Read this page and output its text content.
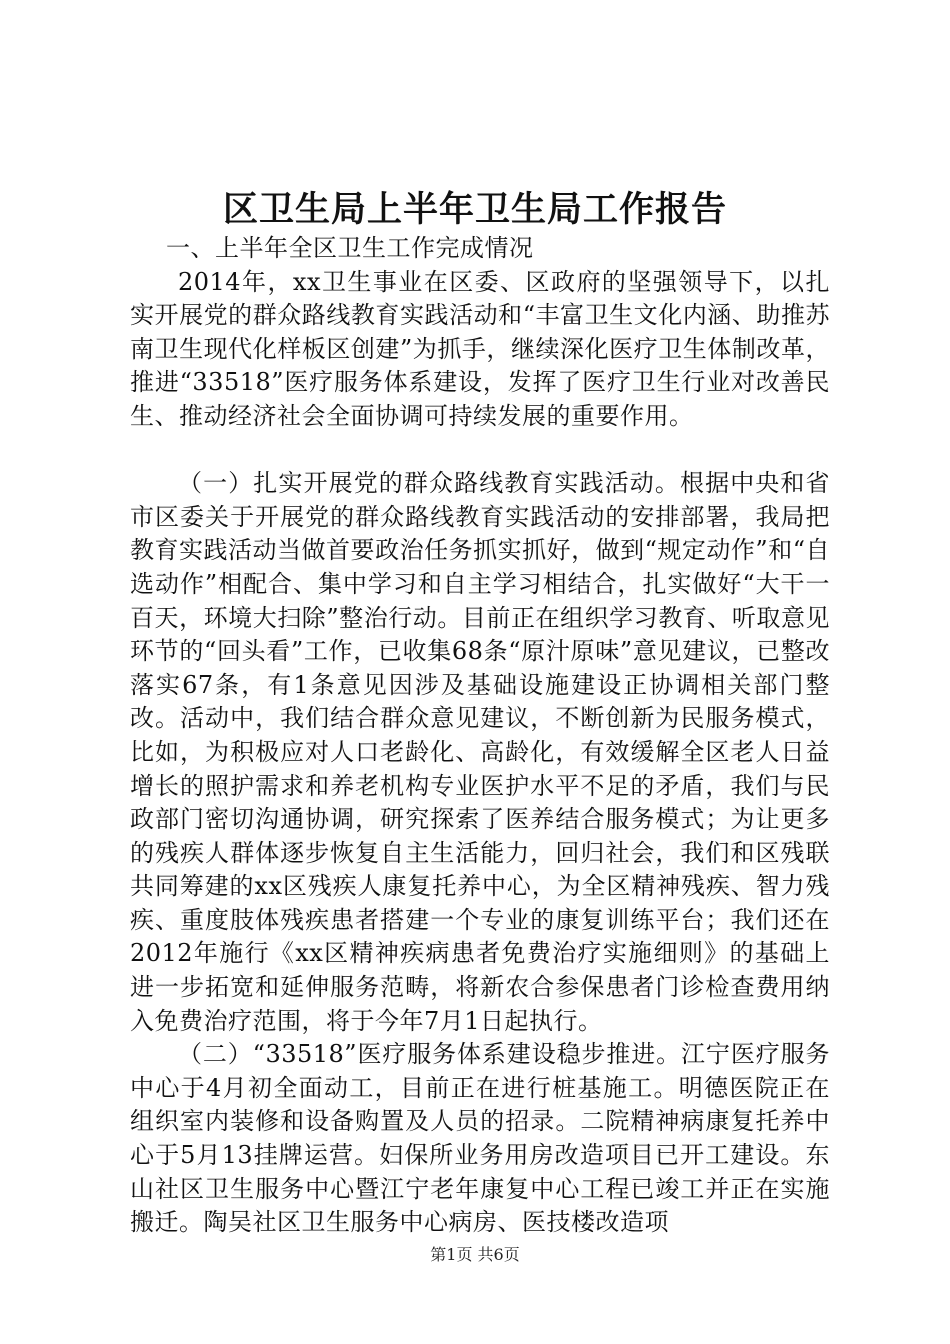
区卫生局上半年卫生局工作报告

一、上半年全区卫生工作完成情况

2014年，xx卫生事业在区委、区政府的坚强领导下，以扎实开展党的群众路线教育实践活动和“丰富卫生文化内涵、助推苏南卫生现代化样板区创建”为抓手，继续深化医疗卫生体制改革，推进“33518”医疗服务体系建设，发挥了医疗卫生行业对改善民生、推动经济社会全面协调可持续发展的重要作用。

（一）扎实开展党的群众路线教育实践活动。根据中央和省市区委关于开展党的群众路线教育实践活动的安排部署，我局把教育实践活动当做首要政治任务抓实抓好，做到“规定动作”和“自选动作”相配合、集中学习和自主学习相结合，扎实做好“大干一百天，环境大扫除”整治行动。目前正在组织学习教育、听取意见环节的“回头看”工作，已收集68条“原汁原味”意见建议，已整改落实67条，有1条意见因涉及基础设施建设正协调相关部门整改。活动中，我们结合群众意见建议，不断创新为民服务模式，比如，为积极应对人口老龄化、高龄化，有效缓解全区老人日益增长的照护需求和养老机构专业医护水平不足的矛盾，我们与民政部门密切沟通协调，研究探索了医养结合服务模式；为让更多的残疾人群体逐步恢复自主生活能力，回归社会，我们和区残联共同筹建的xx区残疾人康复托养中心，为全区精神残疾、智力残疾、重度肢体残疾患者搭建一个专业的康复训练平台；我们还在2012年施行《xx区精神疾病患者免费治疗实施细则》的基础上进一步拓宽和延伸服务范畴，将新农合参保患者门诊检查费用纳入免费治疗范围，将于今年7月1日起执行。

（二）“33518”医疗服务体系建设稳步推进。江宁医疗服务中心于4月初全面动工，目前正在进行桩基施工。明德医院正在组织室内装修和设备购置及人员的招录。二院精神病康复托养中心于5月13挂牌运营。妇保所业务用房改造项目已开工建设。东山社区卫生服务中心暨江宁老年康复中心工程已竣工并正在实施搬迁。陶吴社区卫生服务中心病房、医技楼改造项

第1页 共6页
